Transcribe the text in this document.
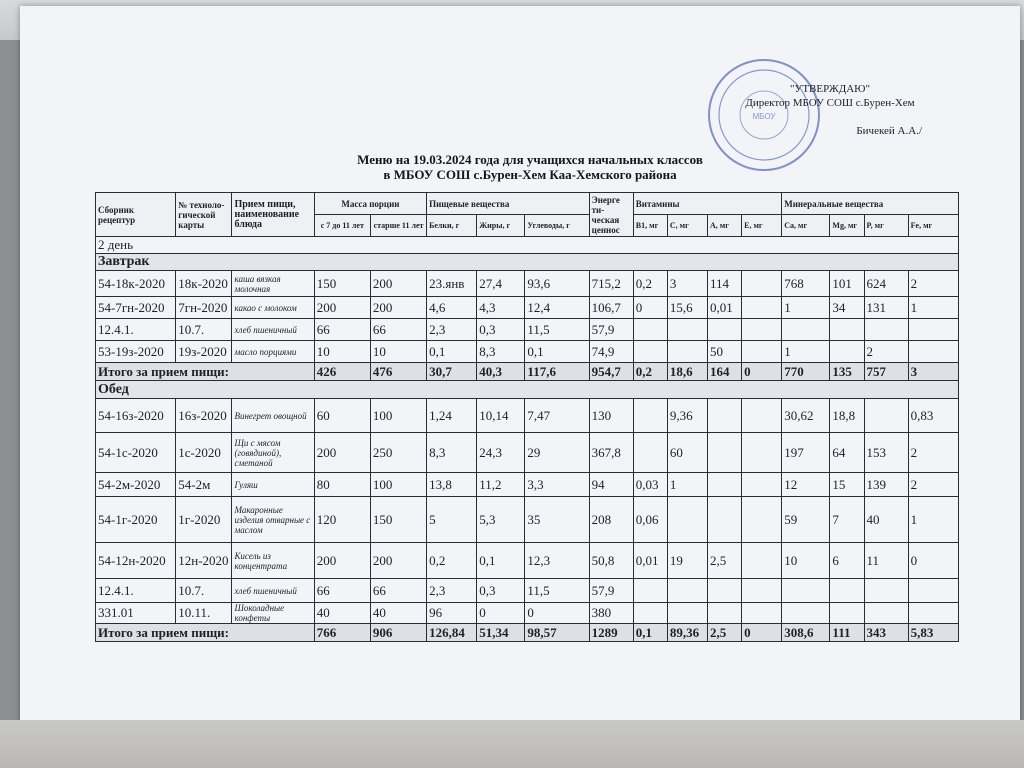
МБОУ
"УТВЕРЖДАЮ"
Директор МБОУ СОШ с.Бурен-Хем
Бичекей А.А./
Меню на 19.03.2024 года для учащихся начальных классов
в МБОУ СОШ с.Бурен-Хем Каа-Хемского района
Сборник рецептур	№ техноло-гической карты	Прием пищи, наименование блюда	Масса порции		Пищевые вещества			Энерге ти-ческая ценнос	Витамины				Минеральные вещества			
			с 7 до 11 лет	старше 11 лет	Белки, г	Жиры, г	Углеводы, г		В1, мг	С, мг	А, мг	Е, мг	Ca, мг	Mg, мг	P, мг	Fe, мг
2 день																
Завтрак																
54-18к-2020	18к-2020	каша вязкая молочная	150	200	23.янв	27,4	93,6	715,2	0,2	3	114		768	101	624	2
54-7гн-2020	7гн-2020	какао с молоком	200	200	4,6	4,3	12,4	106,7	0	15,6	0,01		1	34	131	1
12.4.1.	10.7.	хлеб пшеничный	66	66	2,3	0,3	11,5	57,9								
53-19з-2020	19з-2020	масло порциями	10	10	0,1	8,3	0,1	74,9			50		1		2	
Итого за прием пищи:			426	476	30,7	40,3	117,6	954,7	0,2	18,6	164	0	770	135	757	3
Обед																
54-16з-2020	16з-2020	Винегрет овощной	60	100	1,24	10,14	7,47	130		9,36			30,62	18,8		0,83
54-1с-2020	1с-2020	Щи с мясом (говядиной), сметаной	200	250	8,3	24,3	29	367,8		60			197	64	153	2
54-2м-2020	54-2м	Гуляш	80	100	13,8	11,2	3,3	94	0,03	1			12	15	139	2
54-1г-2020	1г-2020	Макаронные изделия отварные с маслом	120	150	5	5,3	35	208	0,06				59	7	40	1
54-12н-2020	12н-2020	Кисель из концентрата	200	200	0,2	0,1	12,3	50,8	0,01	19	2,5		10	6	11	0
12.4.1.	10.7.	хлеб пшеничный	66	66	2,3	0,3	11,5	57,9								
331.01	10.11.	Шоколадные конфеты	40	40	96	0	0	380								
Итого за прием пищи:			766	906	126,84	51,34	98,57	1289	0,1	89,36	2,5	0	308,6	111	343	5,83
